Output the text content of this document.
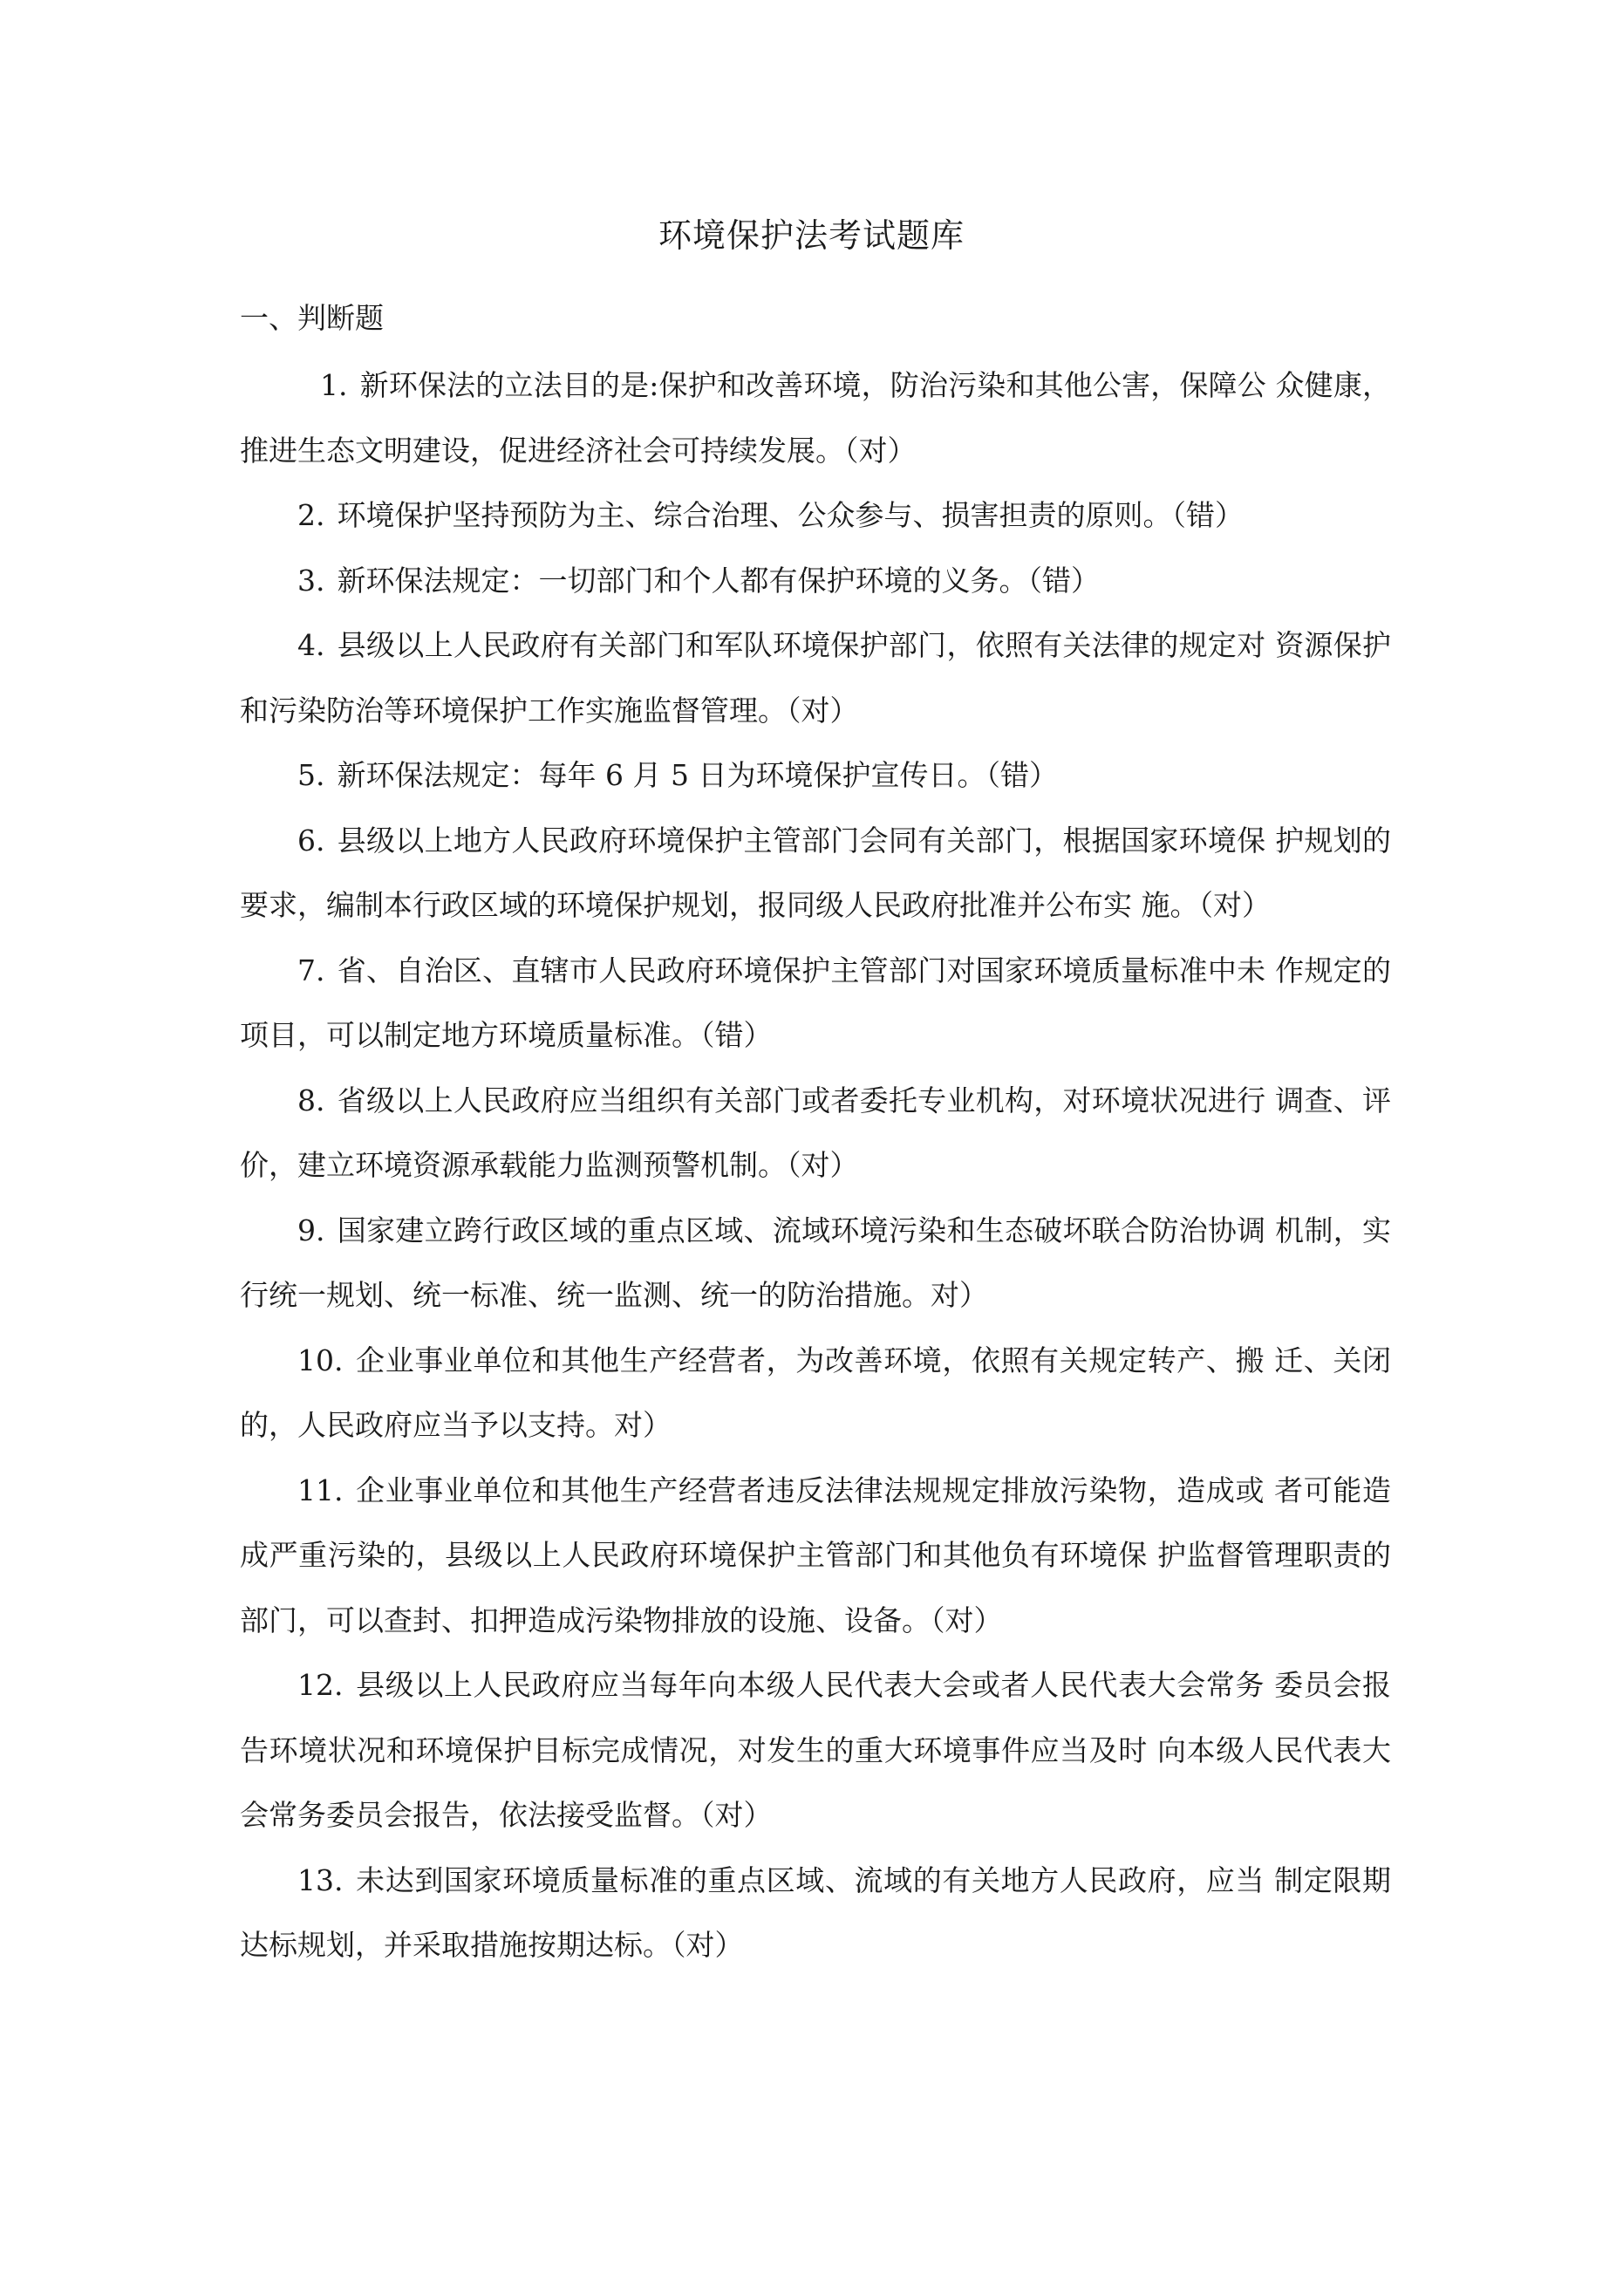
环境保护法考试题库
一、判断题
1. 新环保法的立法目的是:保护和改善环境，防治污染和其他公害，保障公 众健康，推进生态文明建设，促进经济社会可持续发展。（对）
2. 环境保护坚持预防为主、综合治理、公众参与、损害担责的原则。（错）
3. 新环保法规定：一切部门和个人都有保护环境的义务。（错）
4. 县级以上人民政府有关部门和军队环境保护部门，依照有关法律的规定对 资源保护和污染防治等环境保护工作实施监督管理。（对）
5. 新环保法规定：每年 6 月 5 日为环境保护宣传日。（错）
6. 县级以上地方人民政府环境保护主管部门会同有关部门，根据国家环境保 护规划的要求，编制本行政区域的环境保护规划，报同级人民政府批准并公布实 施。（对）
7. 省、自治区、直辖市人民政府环境保护主管部门对国家环境质量标准中未 作规定的项目，可以制定地方环境质量标准。（错）
8. 省级以上人民政府应当组织有关部门或者委托专业机构，对环境状况进行 调查、评价，建立环境资源承载能力监测预警机制。（对）
9. 国家建立跨行政区域的重点区域、流域环境污染和生态破坏联合防治协调 机制，实行统一规划、统一标准、统一监测、统一的防治措施。对）
10. 企业事业单位和其他生产经营者，为改善环境，依照有关规定转产、搬 迁、关闭的，人民政府应当予以支持。对）
11. 企业事业单位和其他生产经营者违反法律法规规定排放污染物，造成或 者可能造成严重污染的，县级以上人民政府环境保护主管部门和其他负有环境保 护监督管理职责的部门，可以查封、扣押造成污染物排放的设施、设备。（对）
12. 县级以上人民政府应当每年向本级人民代表大会或者人民代表大会常务 委员会报告环境状况和环境保护目标完成情况，对发生的重大环境事件应当及时 向本级人民代表大会常务委员会报告，依法接受监督。（对）
13. 未达到国家环境质量标准的重点区域、流域的有关地方人民政府，应当 制定限期达标规划，并采取措施按期达标。（对）
